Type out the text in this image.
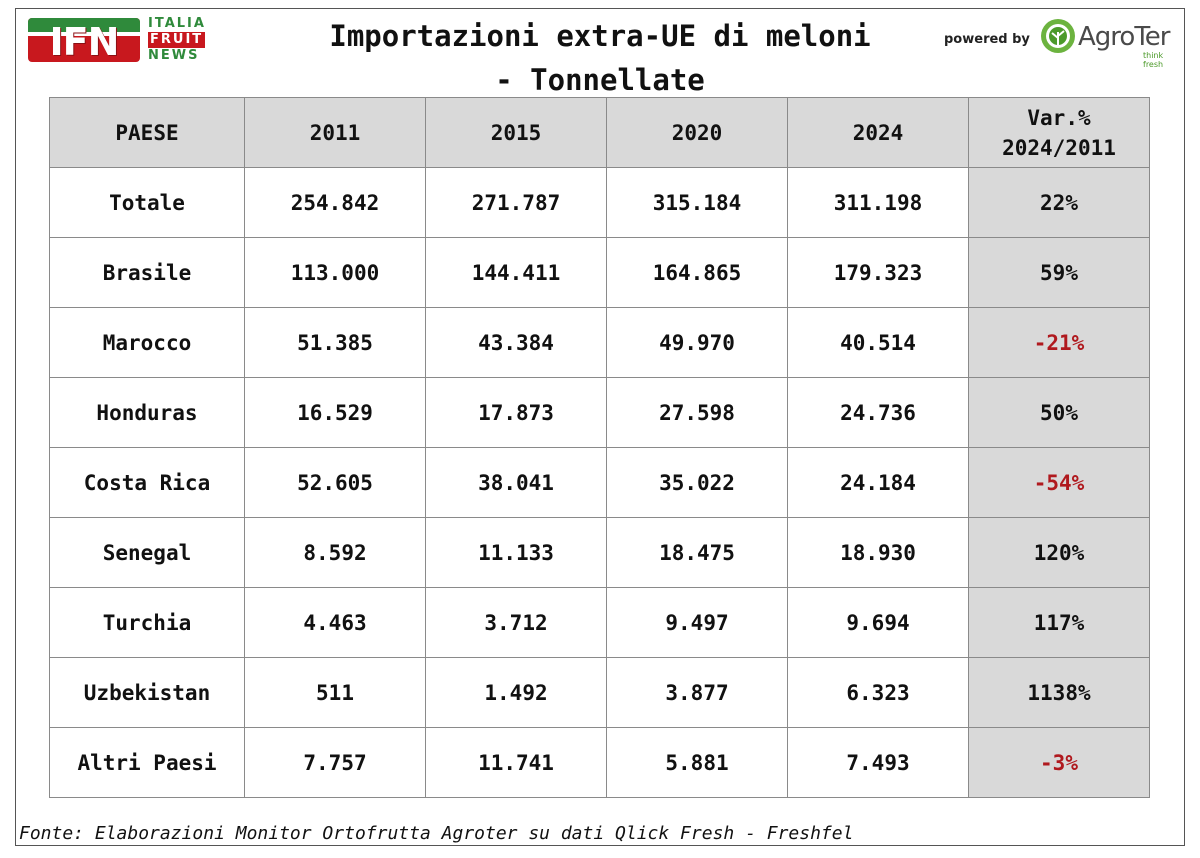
IFN	ITALIA
FRUIT
NEWS
Importazioni extra-UE di meloni
- Tonnellate
powered by AgroTer
think fresh
PAESE	2011	2015	2020	2024	Var.%
2024/2011
Totale	254.842	271.787	315.184	311.198	22%
Brasile	113.000	144.411	164.865	179.323	59%
Marocco	51.385	43.384	49.970	40.514	-21%
Honduras	16.529	17.873	27.598	24.736	50%
Costa Rica	52.605	38.041	35.022	24.184	-54%
Senegal	8.592	11.133	18.475	18.930	120%
Turchia	4.463	3.712	9.497	9.694	117%
Uzbekistan	511	1.492	3.877	6.323	1138%
Altri Paesi	7.757	11.741	5.881	7.493	-3%
Fonte: Elaborazioni Monitor Ortofrutta Agroter su dati Qlick Fresh - Freshfel
